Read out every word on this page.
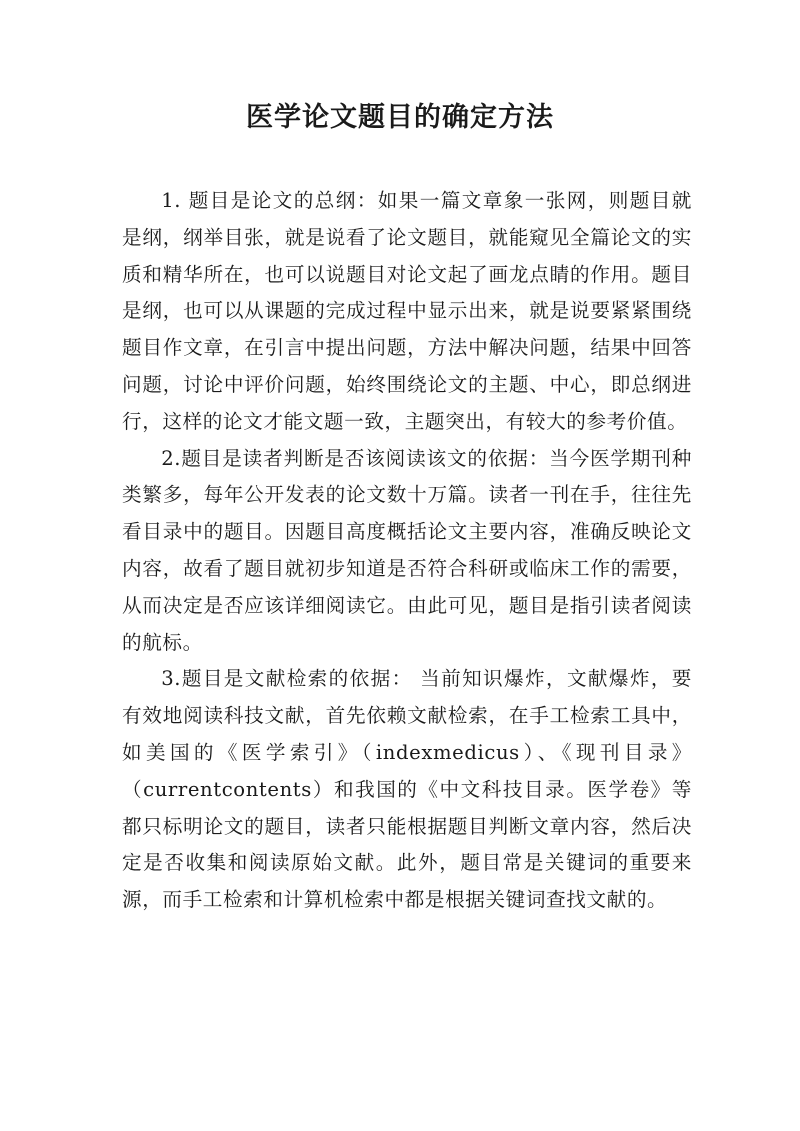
医学论文题目的确定方法

1. 题目是论文的总纲：如果一篇文章象一张网，则题目就是纲，纲举目张，就是说看了论文题目，就能窥见全篇论文的实质和精华所在，也可以说题目对论文起了画龙点睛的作用。题目是纲，也可以从课题的完成过程中显示出来，就是说要紧紧围绕题目作文章，在引言中提出问题，方法中解决问题，结果中回答问题，讨论中评价问题，始终围绕论文的主题、中心，即总纲进行，这样的论文才能文题一致，主题突出，有较大的参考价值。

2.题目是读者判断是否该阅读该文的依据：当今医学期刊种类繁多，每年公开发表的论文数十万篇。读者一刊在手，往往先看目录中的题目。因题目高度概括论文主要内容，准确反映论文内容，故看了题目就初步知道是否符合科研或临床工作的需要，从而决定是否应该详细阅读它。由此可见，题目是指引读者阅读的航标。

3.题目是文献检索的依据： 当前知识爆炸，文献爆炸，要有效地阅读科技文献，首先依赖文献检索，在手工检索工具中，如美国的《医学索引》（indexmedicus）、《现刊目录》（currentcontents）和我国的《中文科技目录。医学卷》等都只标明论文的题目，读者只能根据题目判断文章内容，然后决定是否收集和阅读原始文献。此外，题目常是关键词的重要来源，而手工检索和计算机检索中都是根据关键词查找文献的。
